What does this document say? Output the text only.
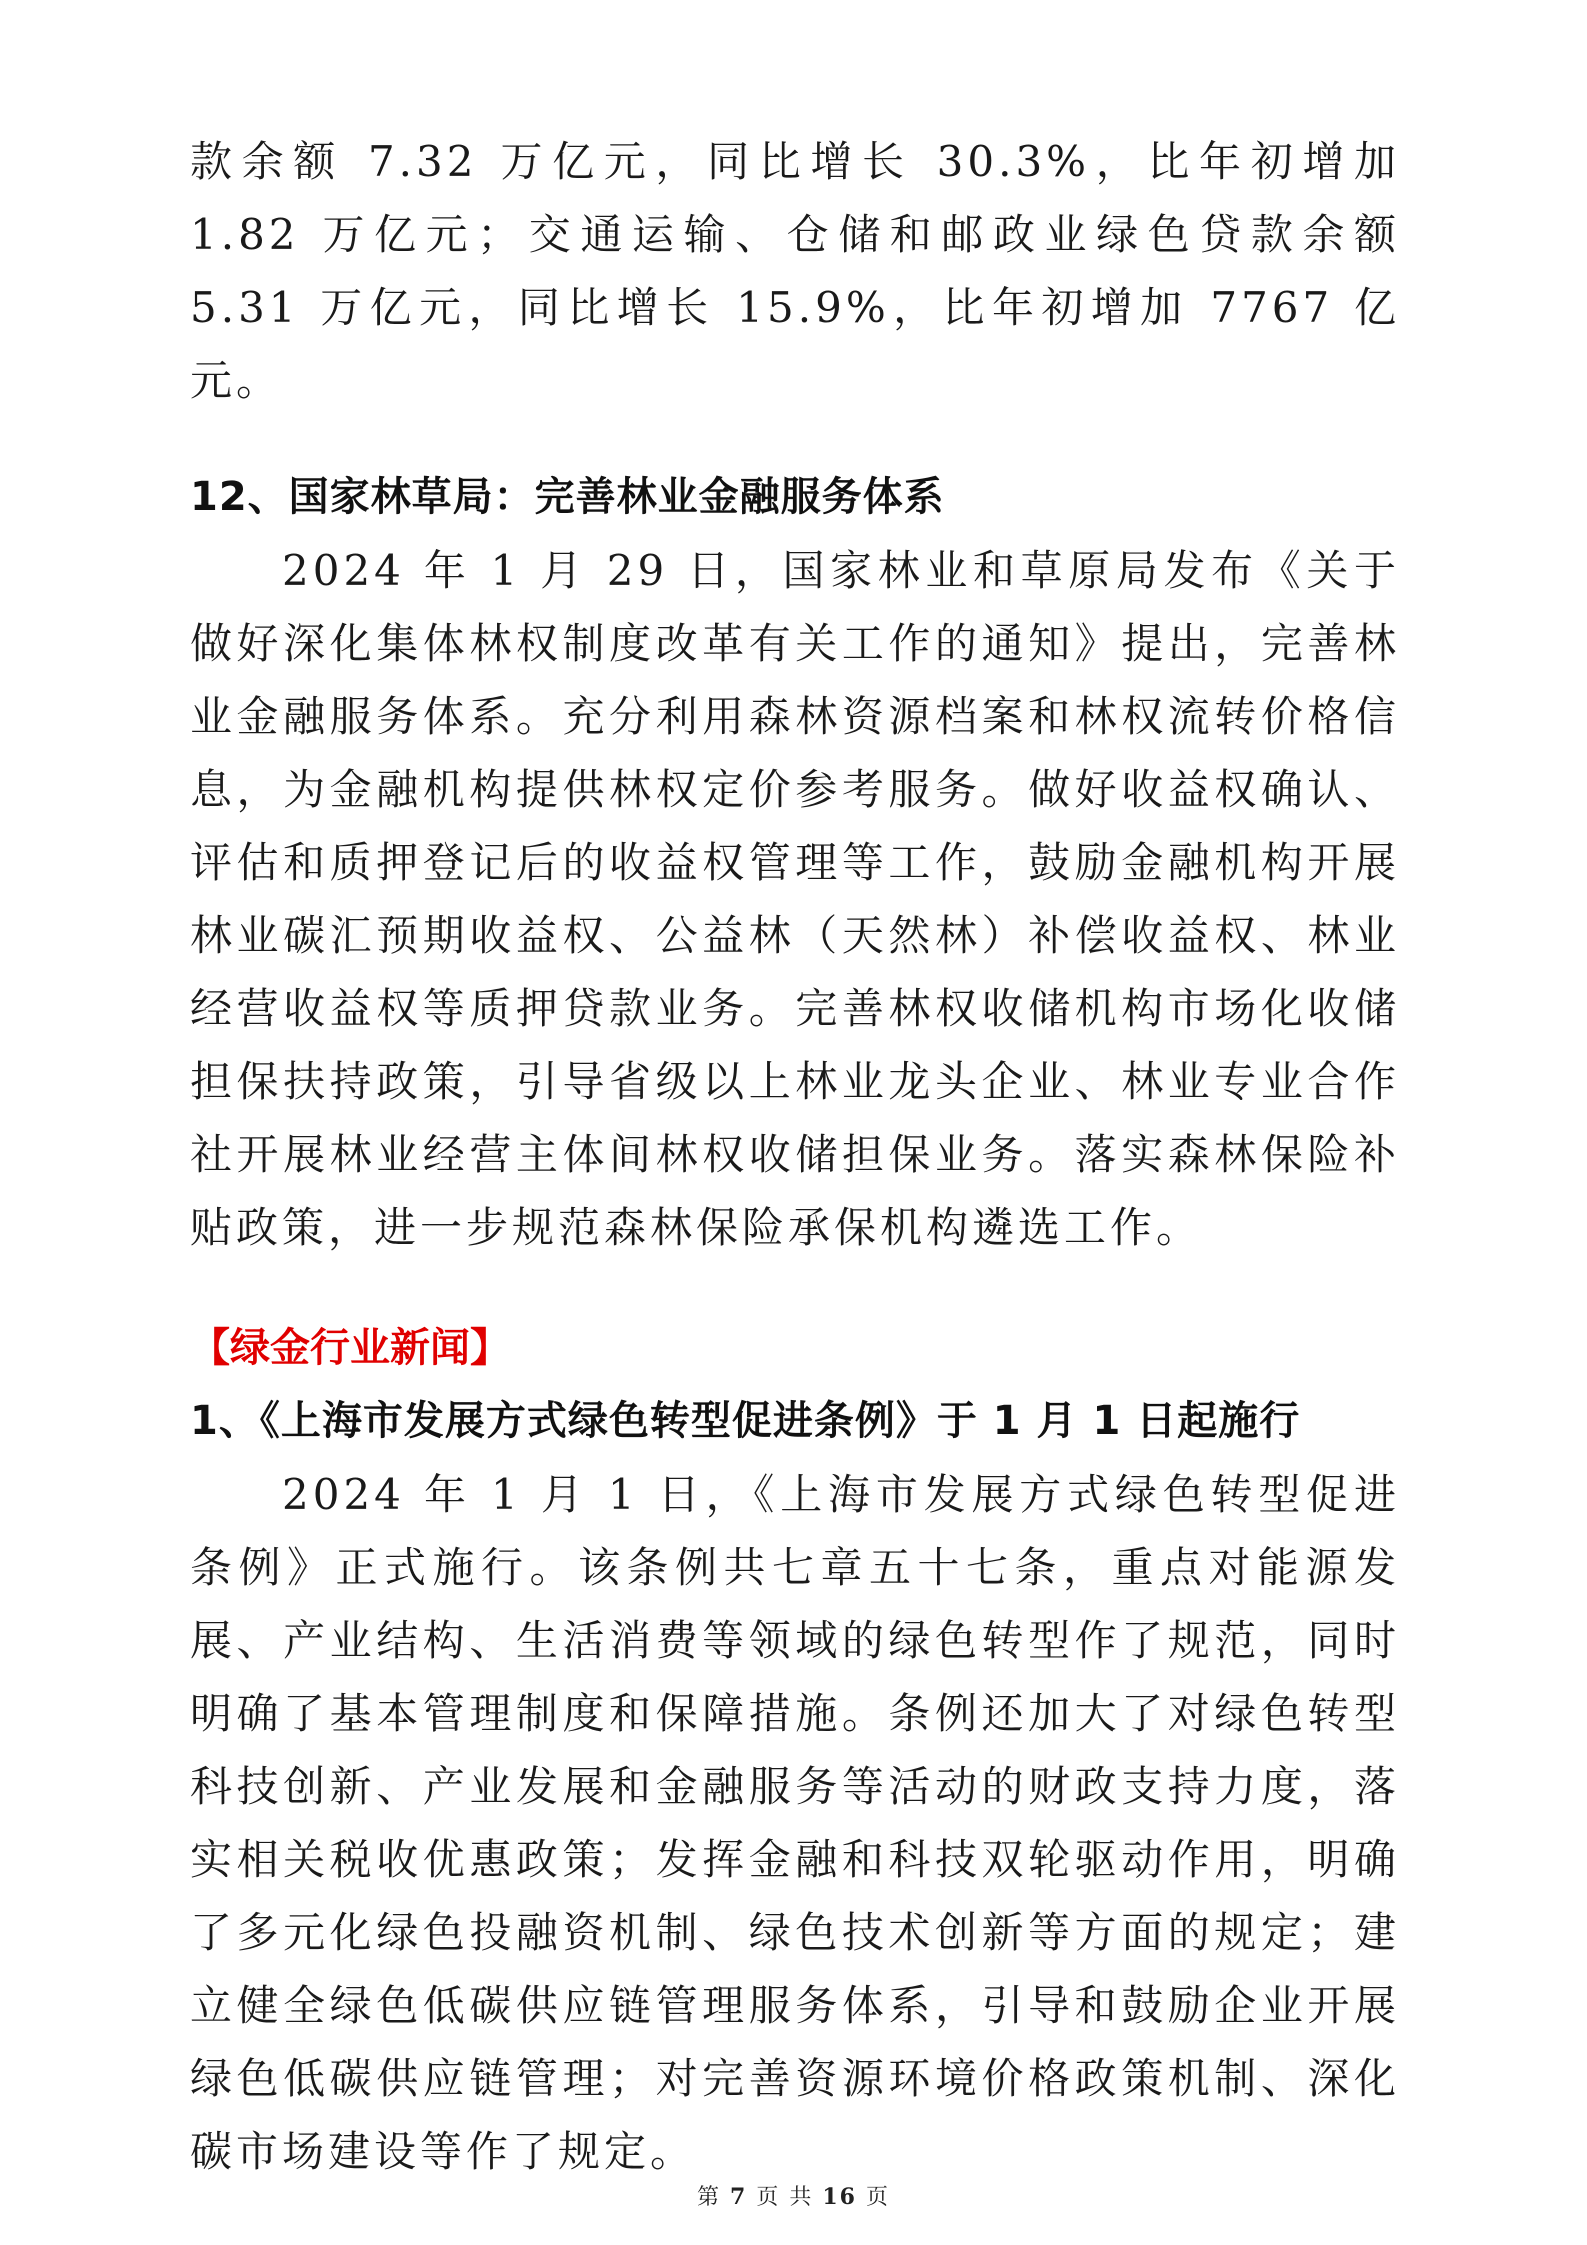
款余额 7.32 万亿元，同比增长 30.3%，比年初增加 1.82 万亿元；交通运输、仓储和邮政业绿色贷款余额 5.31 万亿元，同比增长 15.9%，比年初增加 7767 亿元。

12、国家林草局：完善林业金融服务体系

2024 年 1 月 29 日，国家林业和草原局发布《关于做好深化集体林权制度改革有关工作的通知》提出，完善林业金融服务体系。充分利用森林资源档案和林权流转价格信息，为金融机构提供林权定价参考服务。做好收益权确认、评估和质押登记后的收益权管理等工作，鼓励金融机构开展林业碳汇预期收益权、公益林（天然林）补偿收益权、林业经营收益权等质押贷款业务。完善林权收储机构市场化收储担保扶持政策，引导省级以上林业龙头企业、林业专业合作社开展林业经营主体间林权收储担保业务。落实森林保险补贴政策，进一步规范森林保险承保机构遴选工作。

【绿金行业新闻】
1、《上海市发展方式绿色转型促进条例》于 1 月 1 日起施行

2024 年 1 月 1 日，《上海市发展方式绿色转型促进条例》正式施行。该条例共七章五十七条，重点对能源发展、产业结构、生活消费等领域的绿色转型作了规范，同时明确了基本管理制度和保障措施。条例还加大了对绿色转型科技创新、产业发展和金融服务等活动的财政支持力度，落实相关税收优惠政策；发挥金融和科技双轮驱动作用，明确了多元化绿色投融资机制、绿色技术创新等方面的规定；建立健全绿色低碳供应链管理服务体系，引导和鼓励企业开展绿色低碳供应链管理；对完善资源环境价格政策机制、深化碳市场建设等作了规定。

第 7 页 共 16 页
